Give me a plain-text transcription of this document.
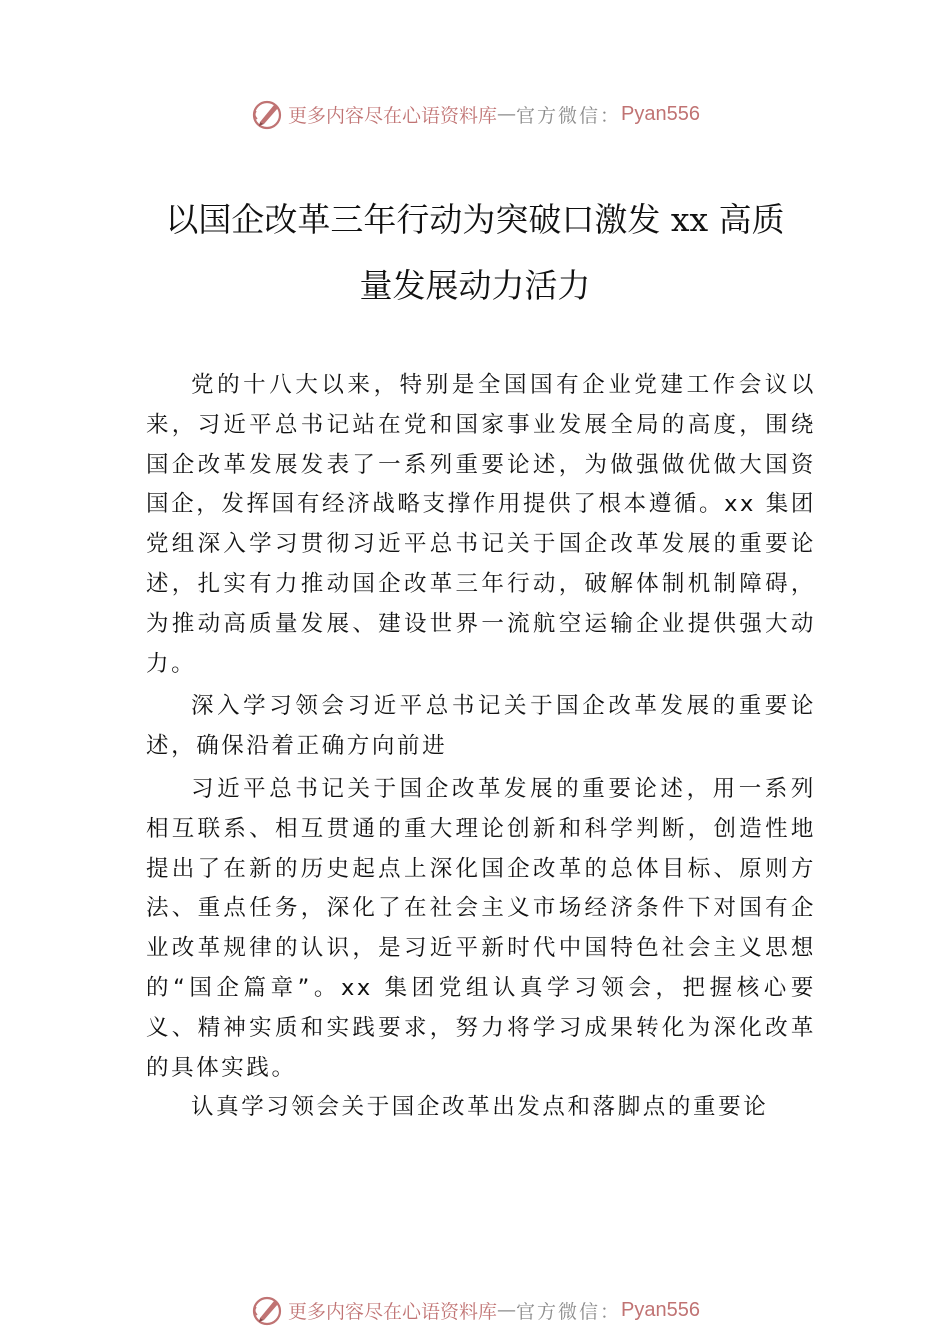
更多内容尽在心语资料库 — 官方微信： Pyan556
以国企改革三年行动为突破口激发 xx 高质
量发展动力活力

党的十八大以来，特别是全国国有企业党建工作会议以来，习近平总书记站在党和国家事业发展全局的高度，围绕国企改革发展发表了一系列重要论述，为做强做优做大国资国企，发挥国有经济战略支撑作用提供了根本遵循。xx 集团党组深入学习贯彻习近平总书记关于国企改革发展的重要论述，扎实有力推动国企改革三年行动，破解体制机制障碍，为推动高质量发展、建设世界一流航空运输企业提供强大动力。

深入学习领会习近平总书记关于国企改革发展的重要论述，确保沿着正确方向前进

习近平总书记关于国企改革发展的重要论述，用一系列相互联系、相互贯通的重大理论创新和科学判断，创造性地提出了在新的历史起点上深化国企改革的总体目标、原则方法、重点任务，深化了在社会主义市场经济条件下对国有企业改革规律的认识，是习近平新时代中国特色社会主义思想的“国企篇章”。xx 集团党组认真学习领会，把握核心要义、精神实质和实践要求，努力将学习成果转化为深化改革的具体实践。

认真学习领会关于国企改革出发点和落脚点的重要论

更多内容尽在心语资料库 — 官方微信： Pyan556
